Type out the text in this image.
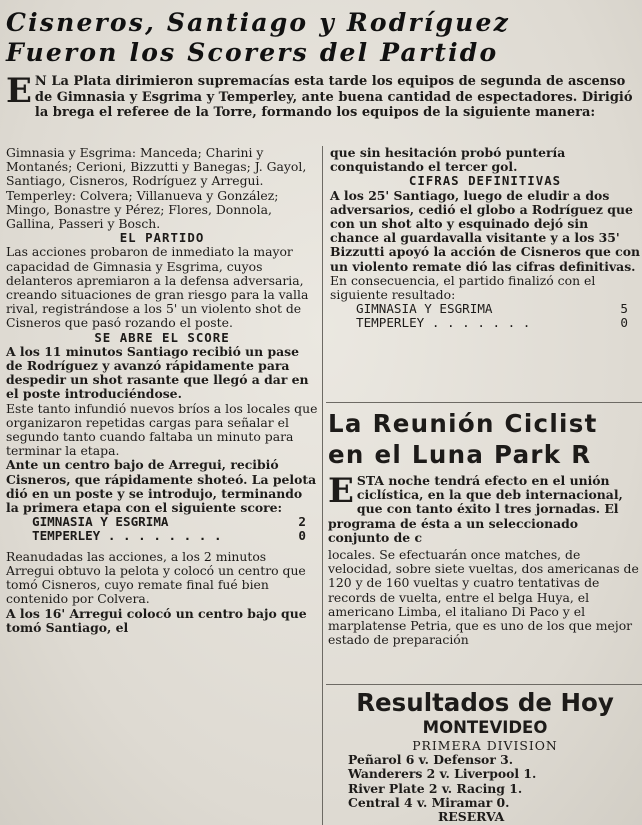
Cisneros, Santiago y Rodríguez
Fueron los Scorers del Partido

E N La Plata dirimieron supremacías esta tarde los equipos de segunda de ascenso de Gimnasia y Esgrima y Temperley, ante buena cantidad de espectadores. Dirigió la brega el referee de la Torre, formando los equipos de la siguiente manera:

Gimnasia y Esgrima: Manceda; Charini y Montanés; Cerioni, Bizzutti y Banegas; J. Gayol, Santiago, Cisneros, Rodríguez y Arregui.

Temperley: Colvera; Villanueva y González; Mingo, Bonastre y Pérez; Flores, Donnola, Gallina, Passeri y Bosch.

EL PARTIDO

Las acciones probaron de inmediato la mayor capacidad de Gimnasia y Esgrima, cuyos delanteros apremiaron a la defensa adversaria, creando situaciones de gran riesgo para la valla rival, registrándose a los 5' un violento shot de Cisneros que pasó rozando el poste.

SE ABRE EL SCORE

A los 11 minutos Santiago recibió un pase de Rodríguez y avanzó rápidamente para despedir un shot rasante que llegó a dar en el poste introduciéndose.

Este tanto infundió nuevos bríos a los locales que organizaron repetidas cargas para señalar el segundo tanto cuando faltaba un minuto para terminar la etapa.

Ante un centro bajo de Arregui, recibió Cisneros, que rápidamente shoteó. La pelota dió en un poste y se introdujo, terminando la primera etapa con el siguiente score:

GIMNASIA Y ESGRIMA	2
TEMPERLEY . . . . . . . .	0

Reanudadas las acciones, a los 2 minutos Arregui obtuvo la pelota y colocó un centro que tomó Cisneros, cuyo remate final fué bien contenido por Colvera.

A los 16' Arregui colocó un centro bajo que tomó Santiago, el

que sin hesitación probó puntería conquistando el tercer gol.

CIFRAS DEFINITIVAS

A los 25' Santiago, luego de eludir a dos adversarios, cedió el globo a Rodríguez que con un shot alto y esquinado dejó sin chance al guardavalla visitante y a los 35' Bizzutti apoyó la acción de Cisneros que con un violento remate dió las cifras definitivas.

En consecuencia, el partido finalizó con el siguiente resultado:

GIMNASIA Y ESGRIMA	5
TEMPERLEY . . . . . . .	0

La Reunión Ciclist

en el Luna Park R

ESTA noche tendrá efecto en el unión ciclística, en la que deb internacional, que con tanto éxito l tres jornadas. El programa de ésta a un seleccionado conjunto de c

locales. Se efectuarán once matches, de velocidad, sobre siete vueltas, dos americanas de 120 y de 160 vueltas y cuatro tentativas de records de vuelta, entre el belga Huya, el americano Limba, el italiano Di Paco y el marplatense Petria, que es uno de los que mejor estado de preparación

Resultados de Hoy

MONTEVIDEO
PRIMERA DIVISION
Peñarol 6 v. Defensor 3.
Wanderers 2 v. Liverpool 1.
River Plate 2 v. Racing 1.
Central 4 v. Miramar 0.
